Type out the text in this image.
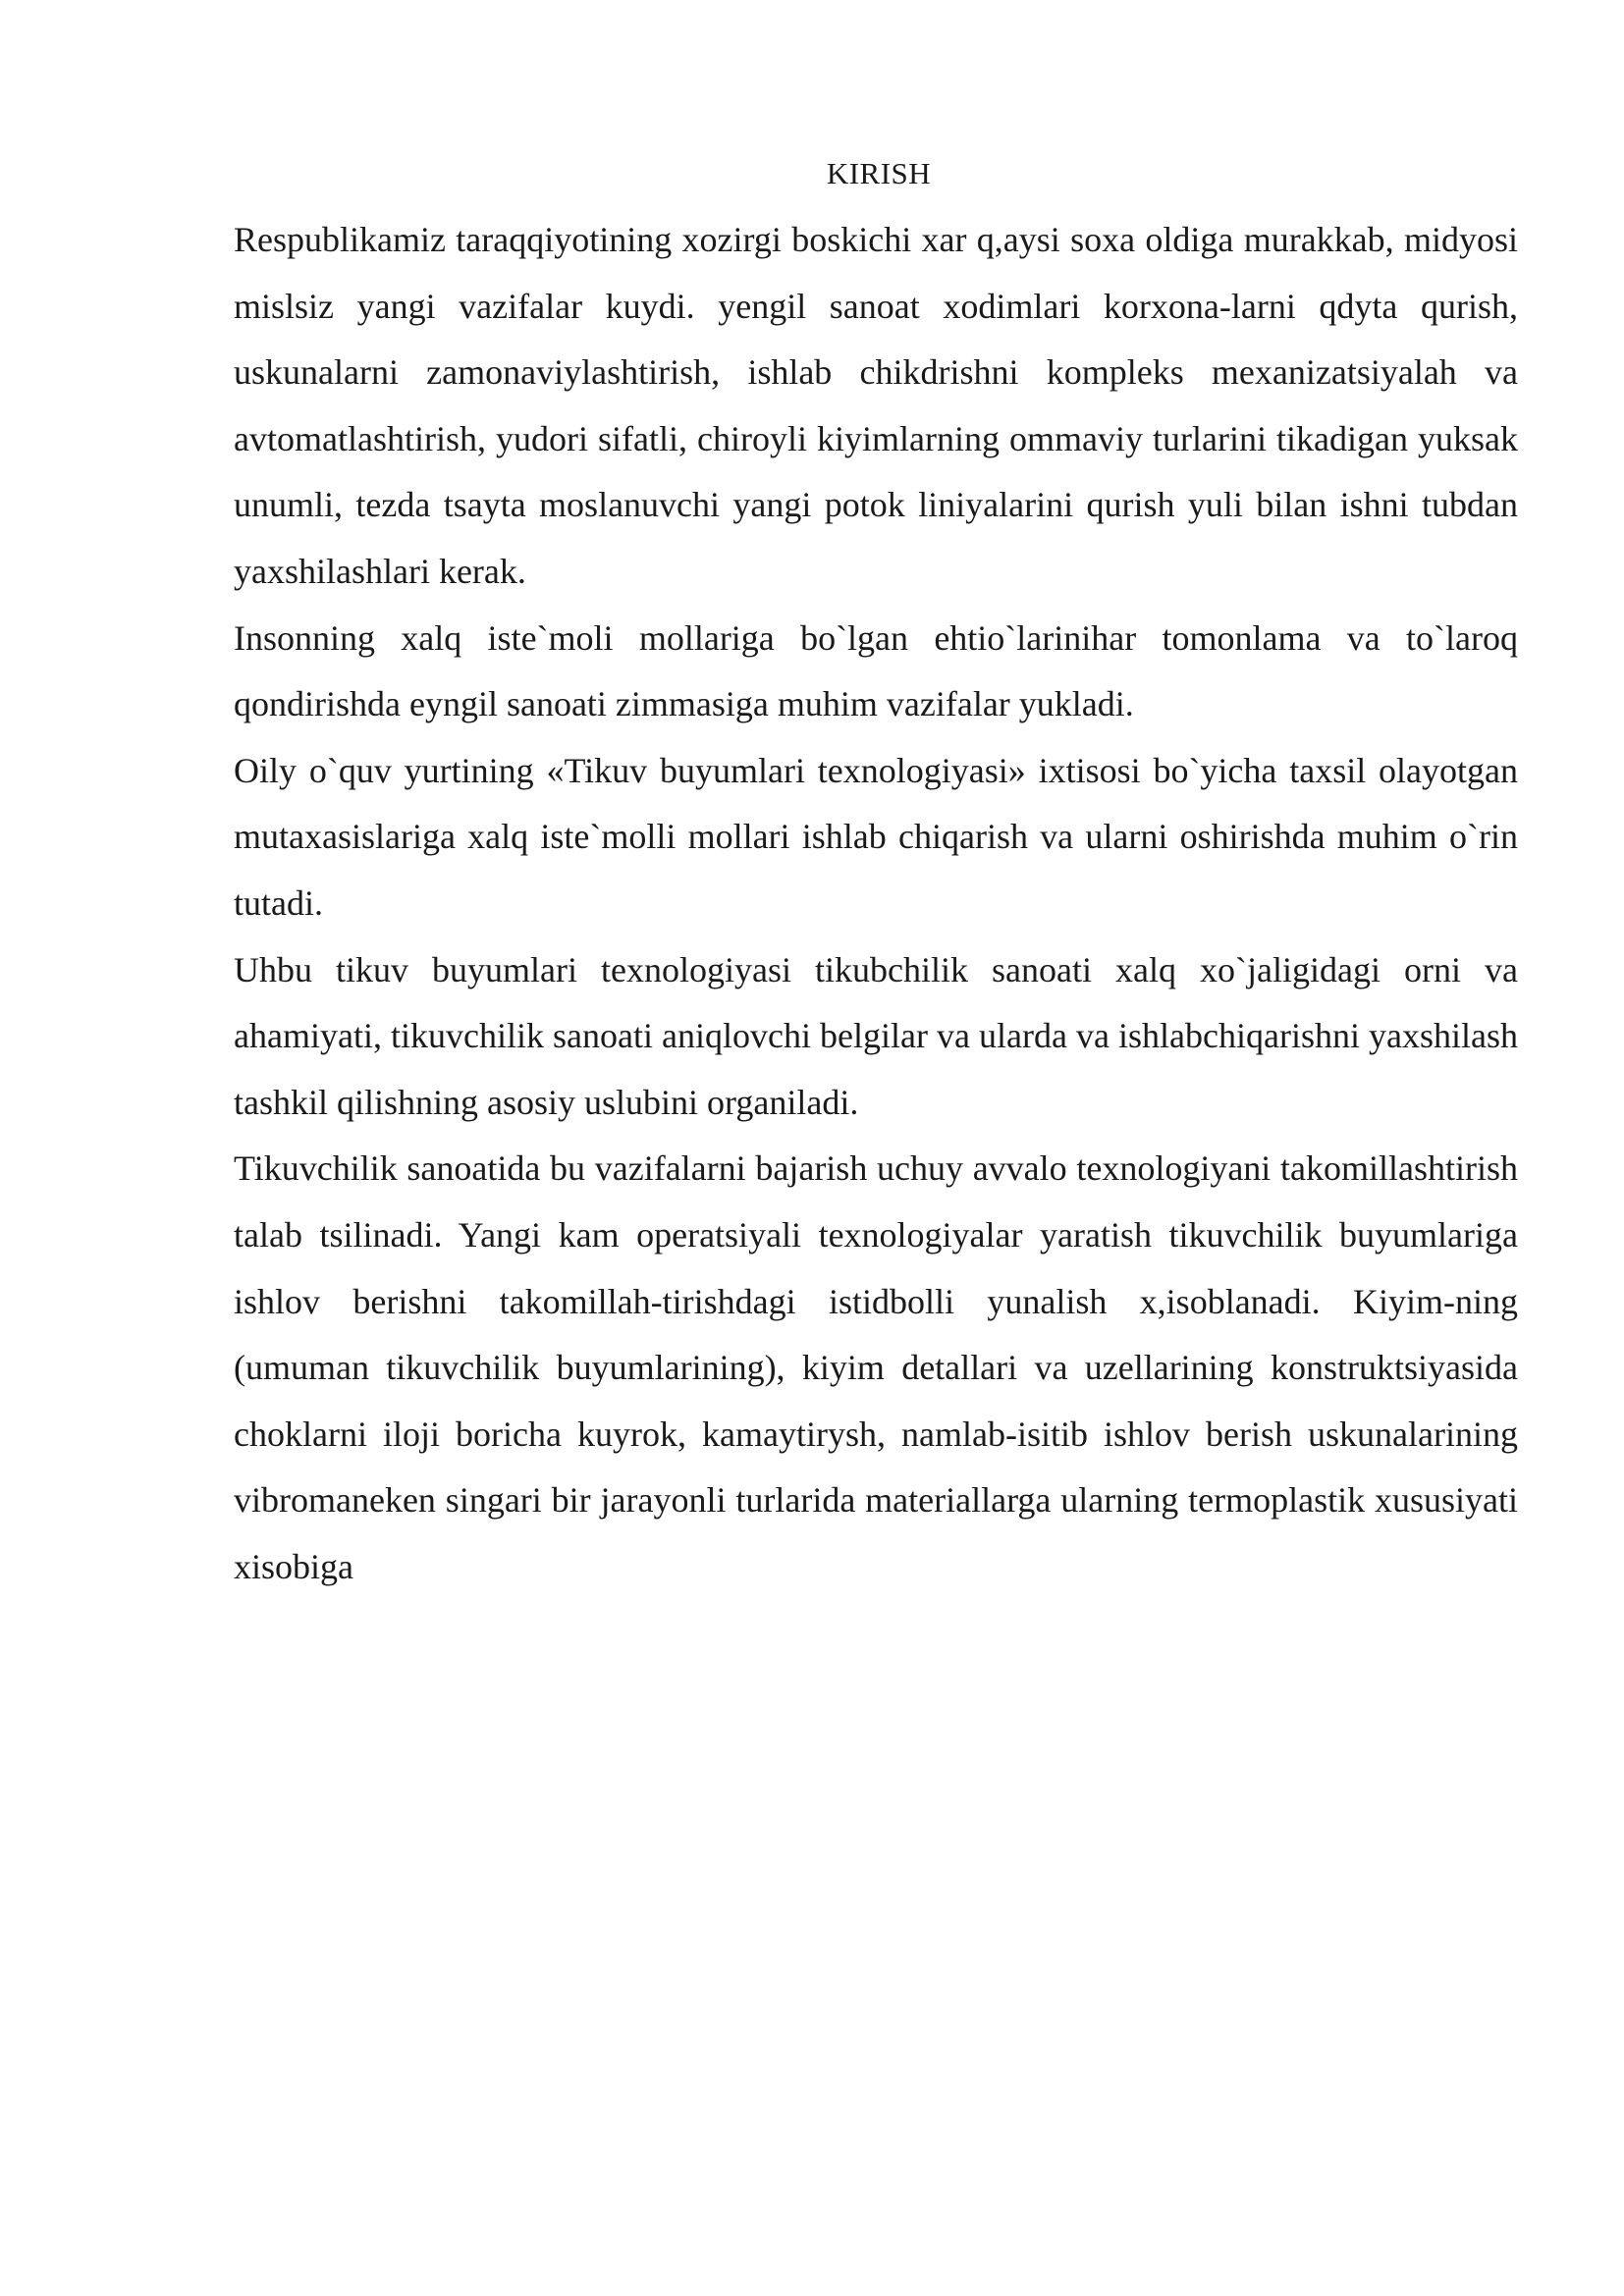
KIRISH

Respublikamiz taraqqiyotining xozirgi boskichi xar q,aysi soxa oldiga murakkab, midyosi mislsiz yangi vazifalar kuydi. yengil sanoat xodimlari korxona-larni qdyta qurish, uskunalarni zamonaviylashtirish, ishlab chikdrishni kompleks mexanizatsiyalah va avtomatlashtirish, yudori sifatli, chiroyli kiyimlarning ommaviy turlarini tikadigan yuksak unumli, tezda tsayta moslanuvchi yangi potok liniyalarini qurish yuli bilan ishni tubdan yaxshilashlari kerak.

Insonning xalq iste`moli mollariga bo`lgan ehtio`larinihar tomonlama va to`laroq qondirishda eyngil sanoati zimmasiga muhim vazifalar yukladi.

Oily o`quv yurtining «Tikuv buyumlari texnologiyasi» ixtisosi bo`yicha taxsil olayotgan mutaxasislariga xalq iste`molli mollari ishlab chiqarish va ularni oshirishda muhim o`rin tutadi.

Uhbu tikuv buyumlari texnologiyasi tikubchilik sanoati xalq xo`jaligidagi orni va ahamiyati, tikuvchilik sanoati aniqlovchi belgilar va ularda va ishlabchiqarishni yaxshilash tashkil qilishning asosiy uslubini organiladi.

Tikuvchilik sanoatida bu vazifalarni bajarish uchuy avvalo texnologiyani takomillashtirish talab tsilinadi. Yangi kam operatsiyali texnologiyalar yaratish tikuvchilik buyumlariga ishlov berishni takomillah-tirishdagi istidbolli yunalish x,isoblanadi. Kiyim-ning (umuman tikuvchilik buyumlarining), kiyim detallari va uzellarining konstruktsiyasida choklarni iloji boricha kuyrok, kamaytirysh, namlab-isitib ishlov berish uskunalarining vibromaneken singari bir jarayonli turlarida materiallarga ularning termoplastik xususiyati xisobiga
